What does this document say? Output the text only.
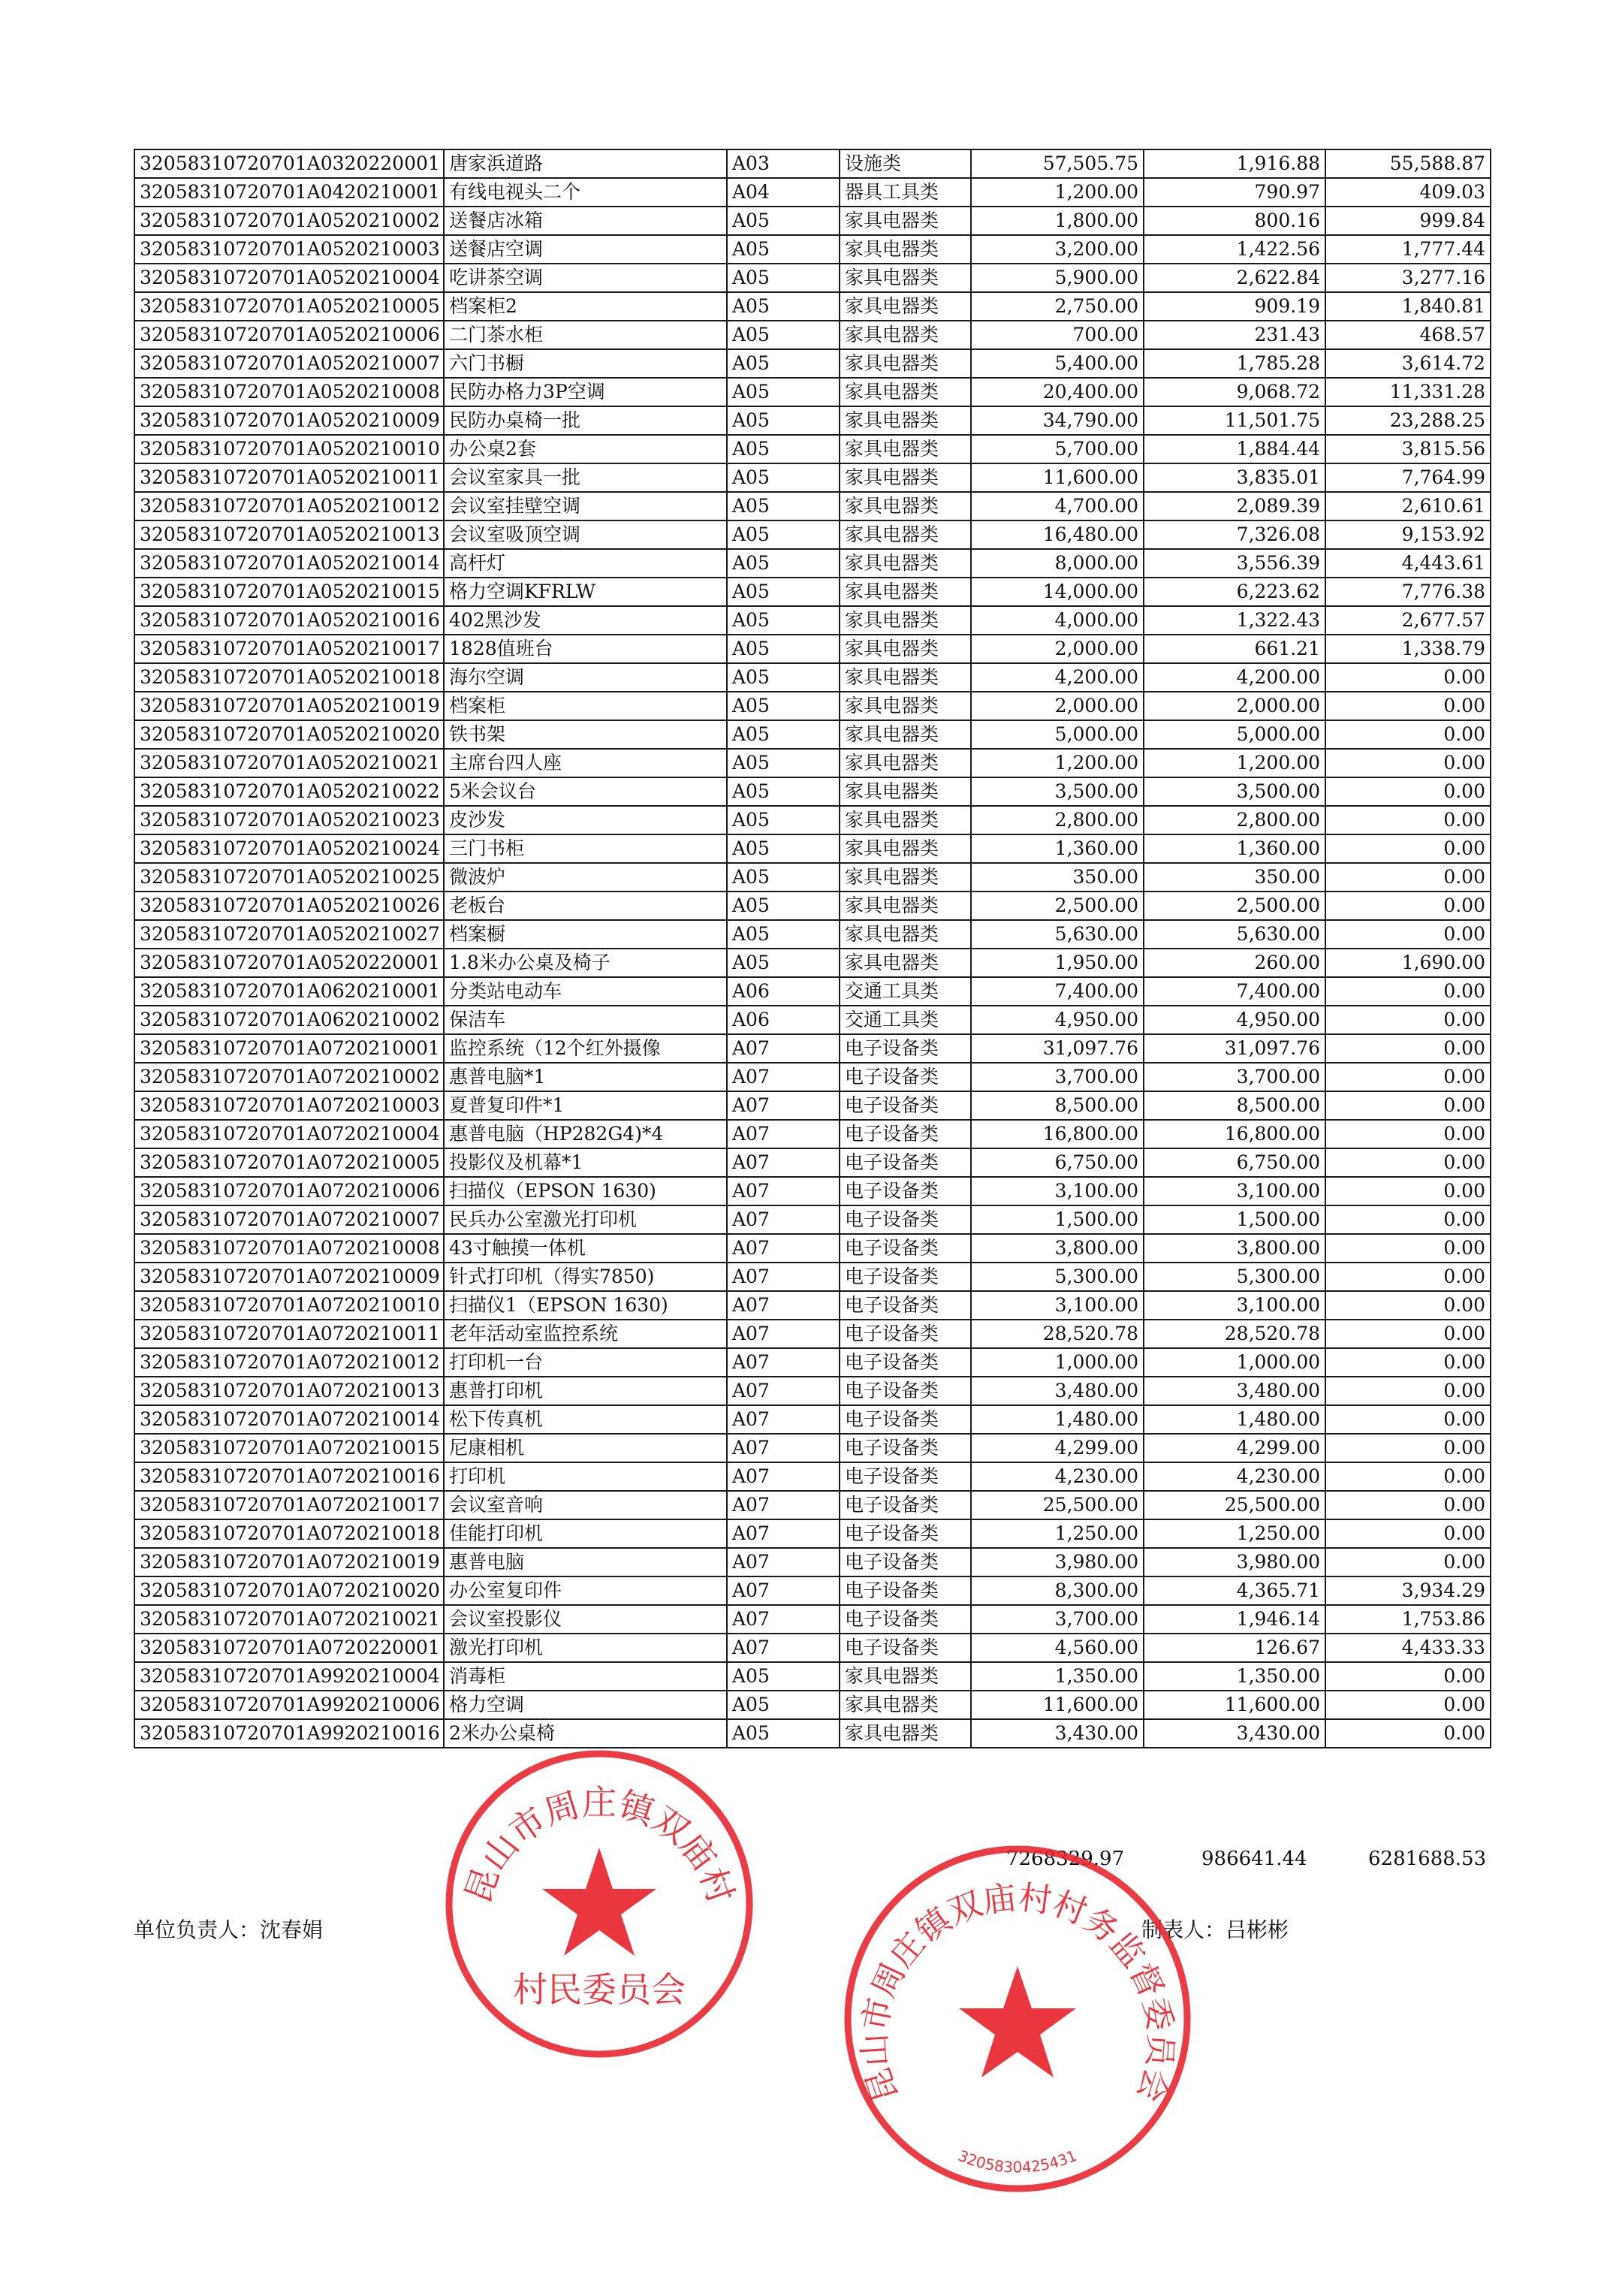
32058310720701A0320220001	唐家浜道路	A03	设施类	57,505.75	1,916.88	55,588.87
32058310720701A0420210001	有线电视头二个	A04	器具工具类	1,200.00	790.97	409.03
32058310720701A0520210002	送餐店冰箱	A05	家具电器类	1,800.00	800.16	999.84
32058310720701A0520210003	送餐店空调	A05	家具电器类	3,200.00	1,422.56	1,777.44
32058310720701A0520210004	吃讲茶空调	A05	家具电器类	5,900.00	2,622.84	3,277.16
32058310720701A0520210005	档案柜2	A05	家具电器类	2,750.00	909.19	1,840.81
32058310720701A0520210006	二门茶水柜	A05	家具电器类	700.00	231.43	468.57
32058310720701A0520210007	六门书橱	A05	家具电器类	5,400.00	1,785.28	3,614.72
32058310720701A0520210008	民防办格力3P空调	A05	家具电器类	20,400.00	9,068.72	11,331.28
32058310720701A0520210009	民防办桌椅一批	A05	家具电器类	34,790.00	11,501.75	23,288.25
32058310720701A0520210010	办公桌2套	A05	家具电器类	5,700.00	1,884.44	3,815.56
32058310720701A0520210011	会议室家具一批	A05	家具电器类	11,600.00	3,835.01	7,764.99
32058310720701A0520210012	会议室挂壁空调	A05	家具电器类	4,700.00	2,089.39	2,610.61
32058310720701A0520210013	会议室吸顶空调	A05	家具电器类	16,480.00	7,326.08	9,153.92
32058310720701A0520210014	高杆灯	A05	家具电器类	8,000.00	3,556.39	4,443.61
32058310720701A0520210015	格力空调KFRLW	A05	家具电器类	14,000.00	6,223.62	7,776.38
32058310720701A0520210016	402黑沙发	A05	家具电器类	4,000.00	1,322.43	2,677.57
32058310720701A0520210017	1828值班台	A05	家具电器类	2,000.00	661.21	1,338.79
32058310720701A0520210018	海尔空调	A05	家具电器类	4,200.00	4,200.00	0.00
32058310720701A0520210019	档案柜	A05	家具电器类	2,000.00	2,000.00	0.00
32058310720701A0520210020	铁书架	A05	家具电器类	5,000.00	5,000.00	0.00
32058310720701A0520210021	主席台四人座	A05	家具电器类	1,200.00	1,200.00	0.00
32058310720701A0520210022	5米会议台	A05	家具电器类	3,500.00	3,500.00	0.00
32058310720701A0520210023	皮沙发	A05	家具电器类	2,800.00	2,800.00	0.00
32058310720701A0520210024	三门书柜	A05	家具电器类	1,360.00	1,360.00	0.00
32058310720701A0520210025	微波炉	A05	家具电器类	350.00	350.00	0.00
32058310720701A0520210026	老板台	A05	家具电器类	2,500.00	2,500.00	0.00
32058310720701A0520210027	档案橱	A05	家具电器类	5,630.00	5,630.00	0.00
32058310720701A0520220001	1.8米办公桌及椅子	A05	家具电器类	1,950.00	260.00	1,690.00
32058310720701A0620210001	分类站电动车	A06	交通工具类	7,400.00	7,400.00	0.00
32058310720701A0620210002	保洁车	A06	交通工具类	4,950.00	4,950.00	0.00
32058310720701A0720210001	监控系统（12个红外摄像	A07	电子设备类	31,097.76	31,097.76	0.00
32058310720701A0720210002	惠普电脑*1	A07	电子设备类	3,700.00	3,700.00	0.00
32058310720701A0720210003	夏普复印件*1	A07	电子设备类	8,500.00	8,500.00	0.00
32058310720701A0720210004	惠普电脑（HP282G4)*4	A07	电子设备类	16,800.00	16,800.00	0.00
32058310720701A0720210005	投影仪及机幕*1	A07	电子设备类	6,750.00	6,750.00	0.00
32058310720701A0720210006	扫描仪（EPSON 1630)	A07	电子设备类	3,100.00	3,100.00	0.00
32058310720701A0720210007	民兵办公室激光打印机	A07	电子设备类	1,500.00	1,500.00	0.00
32058310720701A0720210008	43寸触摸一体机	A07	电子设备类	3,800.00	3,800.00	0.00
32058310720701A0720210009	针式打印机（得实7850)	A07	电子设备类	5,300.00	5,300.00	0.00
32058310720701A0720210010	扫描仪1（EPSON 1630)	A07	电子设备类	3,100.00	3,100.00	0.00
32058310720701A0720210011	老年活动室监控系统	A07	电子设备类	28,520.78	28,520.78	0.00
32058310720701A0720210012	打印机一台	A07	电子设备类	1,000.00	1,000.00	0.00
32058310720701A0720210013	惠普打印机	A07	电子设备类	3,480.00	3,480.00	0.00
32058310720701A0720210014	松下传真机	A07	电子设备类	1,480.00	1,480.00	0.00
32058310720701A0720210015	尼康相机	A07	电子设备类	4,299.00	4,299.00	0.00
32058310720701A0720210016	打印机	A07	电子设备类	4,230.00	4,230.00	0.00
32058310720701A0720210017	会议室音响	A07	电子设备类	25,500.00	25,500.00	0.00
32058310720701A0720210018	佳能打印机	A07	电子设备类	1,250.00	1,250.00	0.00
32058310720701A0720210019	惠普电脑	A07	电子设备类	3,980.00	3,980.00	0.00
32058310720701A0720210020	办公室复印件	A07	电子设备类	8,300.00	4,365.71	3,934.29
32058310720701A0720210021	会议室投影仪	A07	电子设备类	3,700.00	1,946.14	1,753.86
32058310720701A0720220001	激光打印机	A07	电子设备类	4,560.00	126.67	4,433.33
32058310720701A9920210004	消毒柜	A05	家具电器类	1,350.00	1,350.00	0.00
32058310720701A9920210006	格力空调	A05	家具电器类	11,600.00	11,600.00	0.00
32058310720701A9920210016	2米办公桌椅	A05	家具电器类	3,430.00	3,430.00	0.00
7268329.97	986641.44	6281688.53
单位负责人：沈春娟	制表人：吕彬彬
昆山市周庄镇双庙村
村民委员会
昆山市周庄镇双庙村村务监督委员会
3205830425431
